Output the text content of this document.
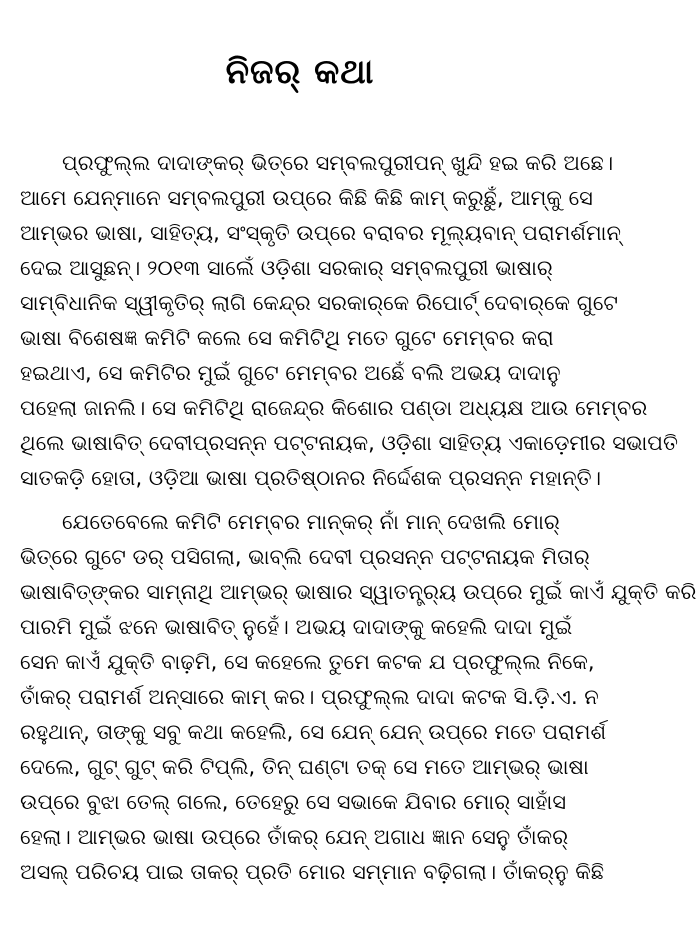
ନିଜର୍ କଥା
ପ୍ରଫୁଲ୍ଲ ଦାଦାଙ୍କର୍ ଭିତ୍ରେ ସମ୍ବଲପୁରୀପନ୍ ଖୁନ୍ଦି ହଇ କରି ଅଛେ।
ଆମେ ଯେନ୍‌ମାନେ ସମ୍ବଲପୁରୀ ଉପ୍ରେ କିଛି କିଛି କାମ୍ କରୁଛୁଁ, ଆମ୍‌କୁ ସେ
ଆମ୍ଭର ଭାଷା, ସାହିତ୍ୟ, ସଂସ୍କୃତି ଉପ୍ରେ ବରାବର ମୂଲ୍ୟବାନ୍ ପରାମର୍ଶମାନ୍
ଦେଇ ଆସୁଛନ୍। ୨୦୧୩ ସାଲେଁ ଓଡ଼ିଶା ସରକାର୍ ସମ୍ବଲପୁରୀ ଭାଷାର୍
ସାମ୍ବିଧାନିକ ସ୍ୱୀକୃତିର୍ ଲାଗି କେନ୍ଦ୍ର ସରକାର୍‌କେ ରିପୋର୍ଟ୍ ଦେବାର୍‌କେ ଗୁଟେ
ଭାଷା ବିଶେଷଜ୍ଞ କମିଟି କଲେ ସେ କମିଟିଥି ମତେ ଗୁଟେ ମେମ୍ବର କରା
ହଇଥାଏ, ସେ କମିଟିର ମୁଇଁ ଗୁଟେ ମେମ୍ବର ଅଛେଁ ବଲି ଅଭୟ ଦାଦାନୁ
ପହେଲା ଜାନଲି। ସେ କମିଟିଥି ରାଜେନ୍ଦ୍ର କିଶୋର ପଣ୍ଡା ଅଧ୍ୟକ୍ଷ ଆଉ ମେମ୍ବର
ଥିଲେ ଭାଷାବିତ୍ ଦେବୀପ୍ରସନ୍ନ ପଟ୍ଟନାୟକ, ଓଡ଼ିଶା ସାହିତ୍ୟ ଏକାଡ଼େମୀର ସଭାପତି
ସାତକଡ଼ି ହୋତା, ଓଡ଼ିଆ ଭାଷା ପ୍ରତିଷ୍ଠାନର ନିର୍ଦ୍ଦେଶକ ପ୍ରସନ୍ନ ମହାନ୍ତି।
ଯେତେବେଲେ କମିଟି ମେମ୍ବର ମାନ୍‌କର୍ ନାଁ ମାନ୍ ଦେଖଲି ମୋର୍
ଭିତ୍ରେ ଗୁଟେ ଡର୍ ପସିଗଲା, ଭାବ୍‌ଲି ଦେବୀ ପ୍ରସନ୍ନ ପଟ୍ଟନାୟକ ମିତାର୍
ଭାଷାବିତ୍‌ଙ୍କର ସାମ୍ନାଥି ଆମ୍ଭର୍ ଭାଷାର ସ୍ୱାତନ୍ତ୍ର୍ୟ ଉପ୍ରେ ମୁଇଁ କାଏଁ ଯୁକ୍ତି କରି
ପାରମି ମୁଇଁ ଝନେ ଭାଷାବିତ୍ ନୁହେଁ। ଅଭୟ ଦାଦାଙ୍କୁ କହେଲି ଦାଦା ମୁଇଁ
ସେନ କାଏଁ ଯୁକ୍ତି ବାଢ଼ମି, ସେ କହେଲେ ତୁମେ କଟକ ଯ ପ୍ରଫୁଲ୍ଲ ନିକେ,
ତାଁକର୍ ପରାମର୍ଶ ଅନ୍‌ସାରେ କାମ୍ କର। ପ୍ରଫୁଲ୍ଲ ଦାଦା କଟକ ସି.ଡ଼ି.ଏ. ନ
ରହୁଥାନ୍, ତାଙ୍କୁ ସବୁ କଥା କହେଲି, ସେ ଯେନ୍ ଯେନ୍ ଉପ୍ରେ ମତେ ପରାମର୍ଶ
ଦେଲେ, ଗୁଟ୍ ଗୁଟ୍ କରି ଟିପ୍‌ଲି, ତିନ୍ ଘଣ୍ଟା ତକ୍ ସେ ମତେ ଆମ୍ଭର୍ ଭାଷା
ଉପ୍ରେ ବୁଝା ତେଲ୍ ଗଲେ, ତେହେରୁ ସେ ସଭାକେ ଯିବାର ମୋର୍ ସାହାଁସ
ହେଲା। ଆମ୍ଭର ଭାଷା ଉପ୍ରେ ତାଁକର୍ ଯେନ୍ ଅଗାଧ ଜ୍ଞାନ ସେନୁ ତାଁକର୍
ଅସଲ୍ ପରିଚୟ ପାଇ ତାକର୍ ପ୍ରତି ମୋର ସମ୍ମାନ ବଢ଼ିଗଲା। ତାଁକର୍‌ନୁ କିଛି
